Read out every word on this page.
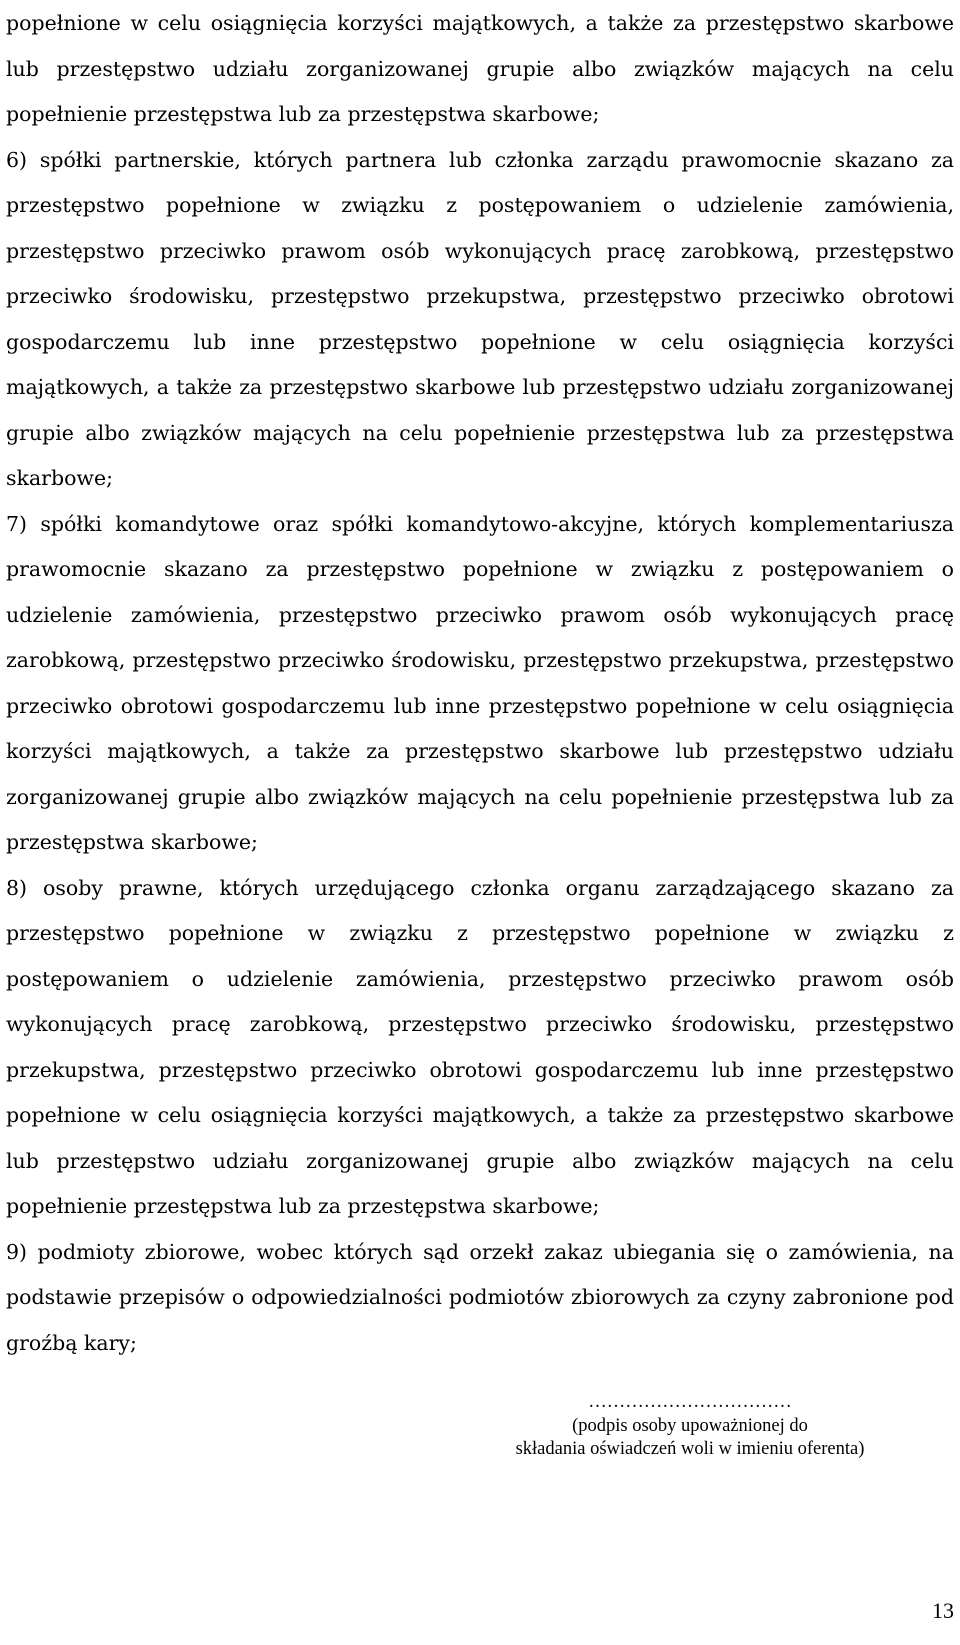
popełnione w celu osiągnięcia korzyści majątkowych, a także za przestępstwo skarbowe lub przestępstwo udziału zorganizowanej grupie albo związków mających na celu popełnienie przestępstwa lub za przestępstwa skarbowe;

6) spółki partnerskie, których partnera lub członka zarządu prawomocnie skazano za przestępstwo popełnione w związku z postępowaniem o udzielenie zamówienia, przestępstwo przeciwko prawom osób wykonujących pracę zarobkową, przestępstwo przeciwko środowisku, przestępstwo przekupstwa, przestępstwo przeciwko obrotowi gospodarczemu lub inne przestępstwo popełnione w celu osiągnięcia korzyści majątkowych, a także za przestępstwo skarbowe lub przestępstwo udziału zorganizowanej grupie albo związków mających na celu popełnienie przestępstwa lub za przestępstwa skarbowe;

7) spółki komandytowe oraz spółki komandytowo-akcyjne, których komplementariusza prawomocnie skazano za przestępstwo popełnione w związku z postępowaniem o udzielenie zamówienia, przestępstwo przeciwko prawom osób wykonujących pracę zarobkową, przestępstwo przeciwko środowisku, przestępstwo przekupstwa, przestępstwo przeciwko obrotowi gospodarczemu lub inne przestępstwo popełnione w celu osiągnięcia korzyści majątkowych, a także za przestępstwo skarbowe lub przestępstwo udziału zorganizowanej grupie albo związków mających na celu popełnienie przestępstwa lub za przestępstwa skarbowe;

8) osoby prawne, których urzędującego członka organu zarządzającego skazano za przestępstwo popełnione w związku z przestępstwo popełnione w związku z postępowaniem o udzielenie zamówienia, przestępstwo przeciwko prawom osób wykonujących pracę zarobkową, przestępstwo przeciwko środowisku, przestępstwo przekupstwa, przestępstwo przeciwko obrotowi gospodarczemu lub inne przestępstwo popełnione w celu osiągnięcia korzyści majątkowych, a także za przestępstwo skarbowe lub przestępstwo udziału zorganizowanej grupie albo związków mających na celu popełnienie przestępstwa lub za przestępstwa skarbowe;

9) podmioty zbiorowe, wobec których sąd orzekł zakaz ubiegania się o zamówienia, na podstawie przepisów o odpowiedzialności podmiotów zbiorowych za czyny zabronione pod groźbą kary;

……………………………
(podpis osoby upoważnionej do
składania oświadczeń woli w imieniu oferenta)
13
